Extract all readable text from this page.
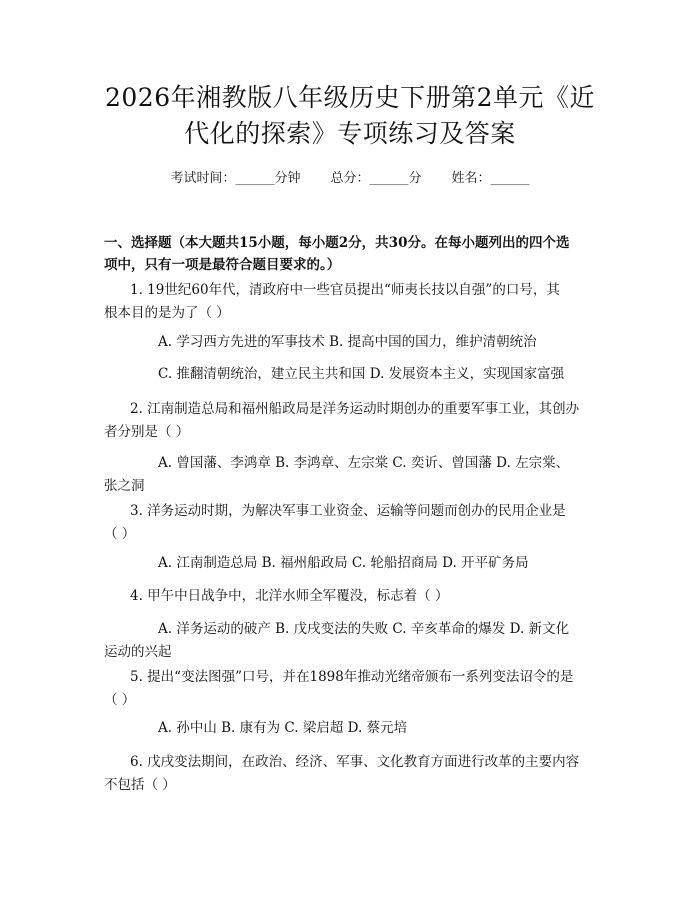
2026年湘教版八年级历史下册第2单元《近
代化的探索》专项练习及答案
考试时间：______分钟 总分：______分 姓名：______
一、选择题（本大题共15小题，每小题2分，共30分。在每小题列出的四个选
项中，只有一项是最符合题目要求的。）
1. 19世纪60年代，清政府中一些官员提出“师夷长技以自强”的口号，其
根本目的是为了（ ）
A. 学习西方先进的军事技术 B. 提高中国的国力，维护清朝统治
C. 推翻清朝统治，建立民主共和国 D. 发展资本主义，实现国家富强
2. 江南制造总局和福州船政局是洋务运动时期创办的重要军事工业，其创办
者分别是（ ）
A. 曾国藩、李鸿章 B. 李鸿章、左宗棠 C. 奕䜣、曾国藩 D. 左宗棠、
张之洞
3. 洋务运动时期，为解决军事工业资金、运输等问题而创办的民用企业是
（ ）
A. 江南制造总局 B. 福州船政局 C. 轮船招商局 D. 开平矿务局
4. 甲午中日战争中，北洋水师全军覆没，标志着（ ）
A. 洋务运动的破产 B. 戊戌变法的失败 C. 辛亥革命的爆发 D. 新文化
运动的兴起
5. 提出“变法图强”口号，并在1898年推动光绪帝颁布一系列变法诏令的是
（ ）
A. 孙中山 B. 康有为 C. 梁启超 D. 蔡元培
6. 戊戌变法期间，在政治、经济、军事、文化教育方面进行改革的主要内容
不包括（ ）
